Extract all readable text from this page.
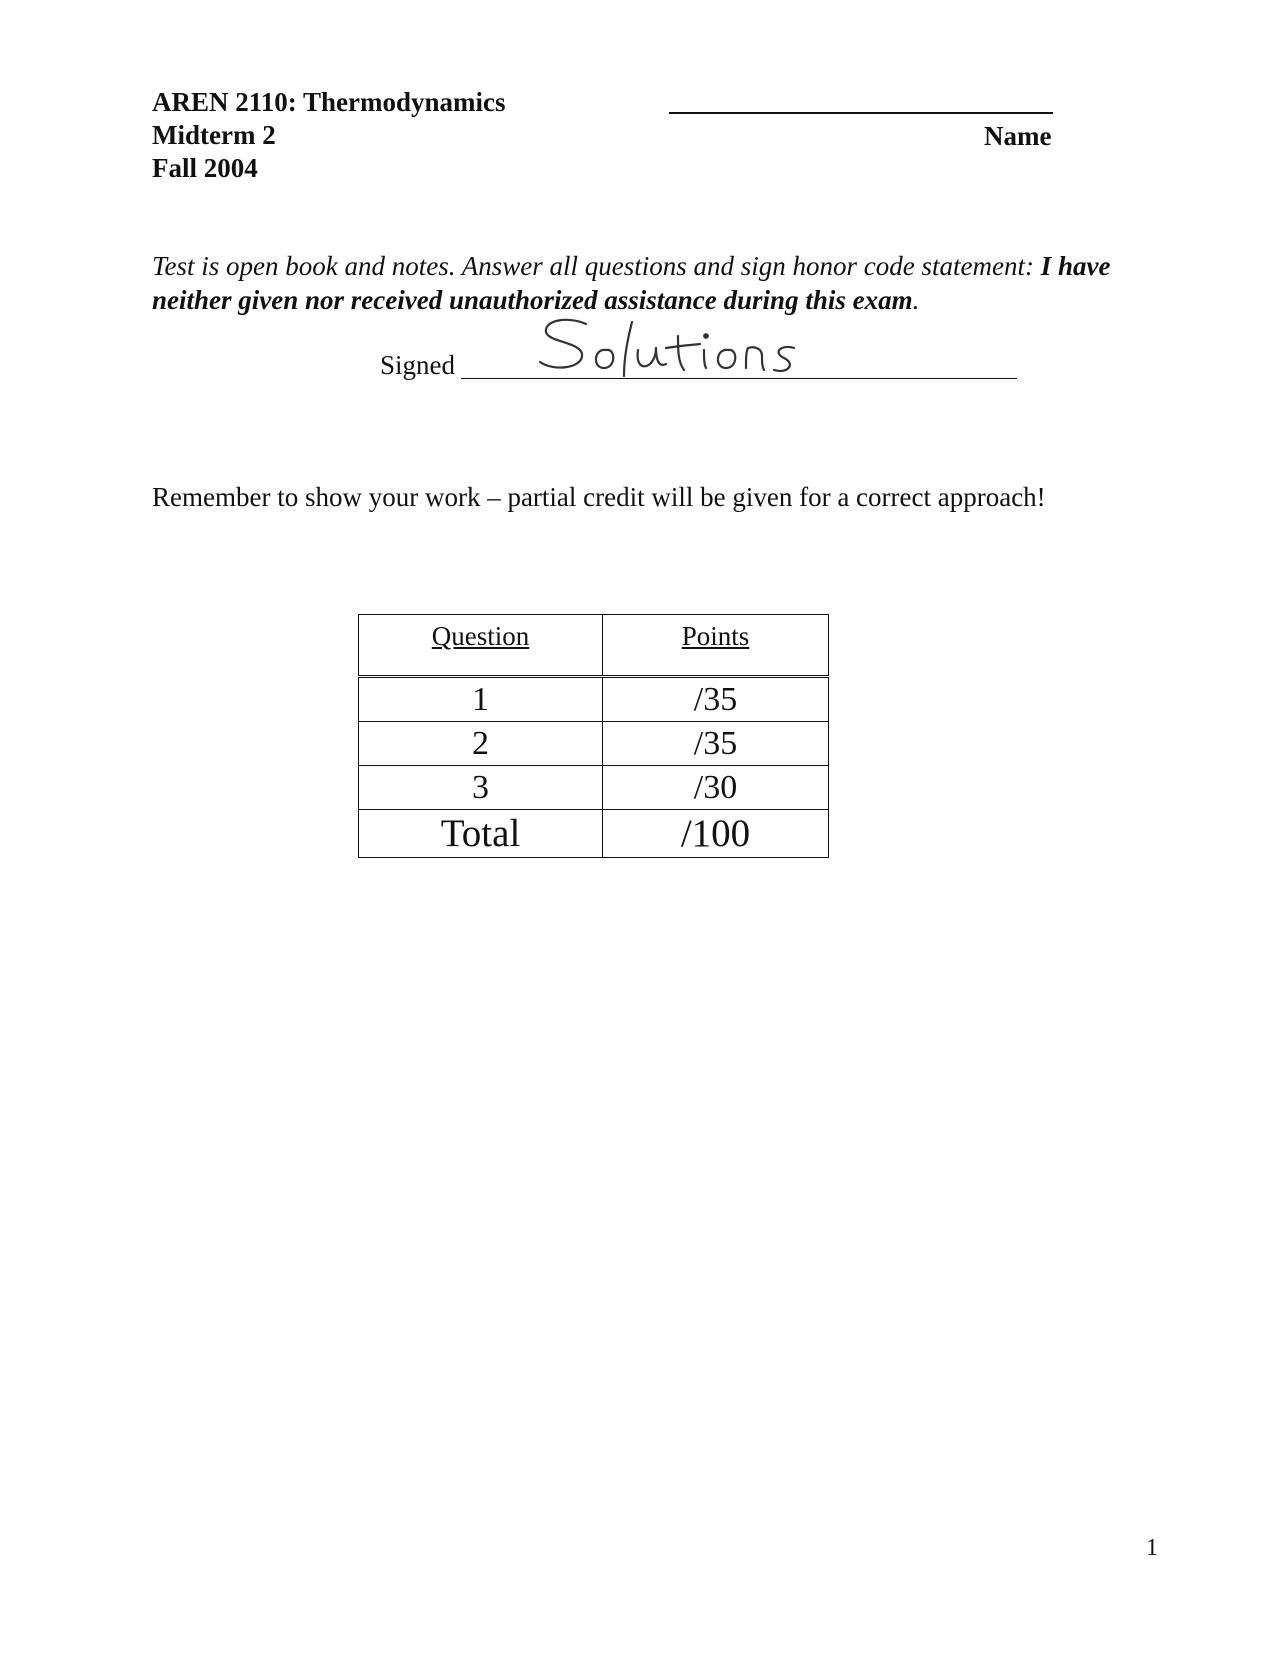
AREN 2110: Thermodynamics
Midterm 2
Fall 2004
Name
Test is open book and notes. Answer all questions and sign honor code statement: I have neither given nor received unauthorized assistance during this exam.
Signed
Remember to show your work – partial credit will be given for a correct approach!
Question	Points
1	/35
2	/35
3	/30
Total	/100
1
